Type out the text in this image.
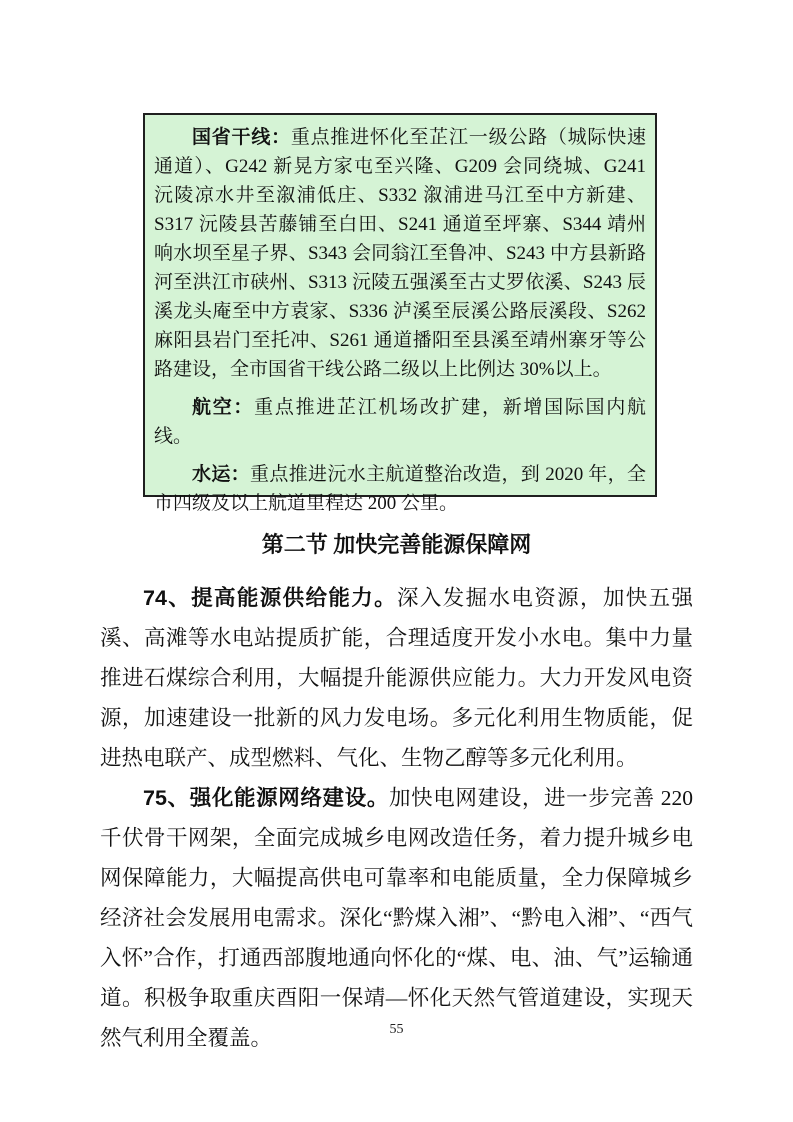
国省干线：重点推进怀化至芷江一级公路（城际快速通道）、G242 新晃方家屯至兴隆、G209 会同绕城、G241 沅陵凉水井至溆浦低庄、S332 溆浦进马江至中方新建、S317 沅陵县苦藤铺至白田、S241 通道至坪寨、S344 靖州响水坝至星子界、S343 会同翁江至鲁冲、S243 中方县新路河至洪江市硖州、S313 沅陵五强溪至古丈罗依溪、S243 辰溪龙头庵至中方袁家、S336 泸溪至辰溪公路辰溪段、S262 麻阳县岩门至托冲、S261 通道播阳至县溪至靖州寨牙等公路建设，全市国省干线公路二级以上比例达 30%以上。

航空：重点推进芷江机场改扩建，新增国际国内航线。

水运：重点推进沅水主航道整治改造，到 2020 年，全市四级及以上航道里程达 200 公里。

第二节 加快完善能源保障网

74、提高能源供给能力。深入发掘水电资源，加快五强溪、高滩等水电站提质扩能，合理适度开发小水电。集中力量推进石煤综合利用，大幅提升能源供应能力。大力开发风电资源，加速建设一批新的风力发电场。多元化利用生物质能，促进热电联产、成型燃料、气化、生物乙醇等多元化利用。

75、强化能源网络建设。加快电网建设，进一步完善 220 千伏骨干网架，全面完成城乡电网改造任务，着力提升城乡电网保障能力，大幅提高供电可靠率和电能质量，全力保障城乡经济社会发展用电需求。深化“黔煤入湘”、“黔电入湘”、“西气入怀”合作，打通西部腹地通向怀化的“煤、电、油、气”运输通道。积极争取重庆酉阳一保靖—怀化天然气管道建设，实现天然气利用全覆盖。	55
